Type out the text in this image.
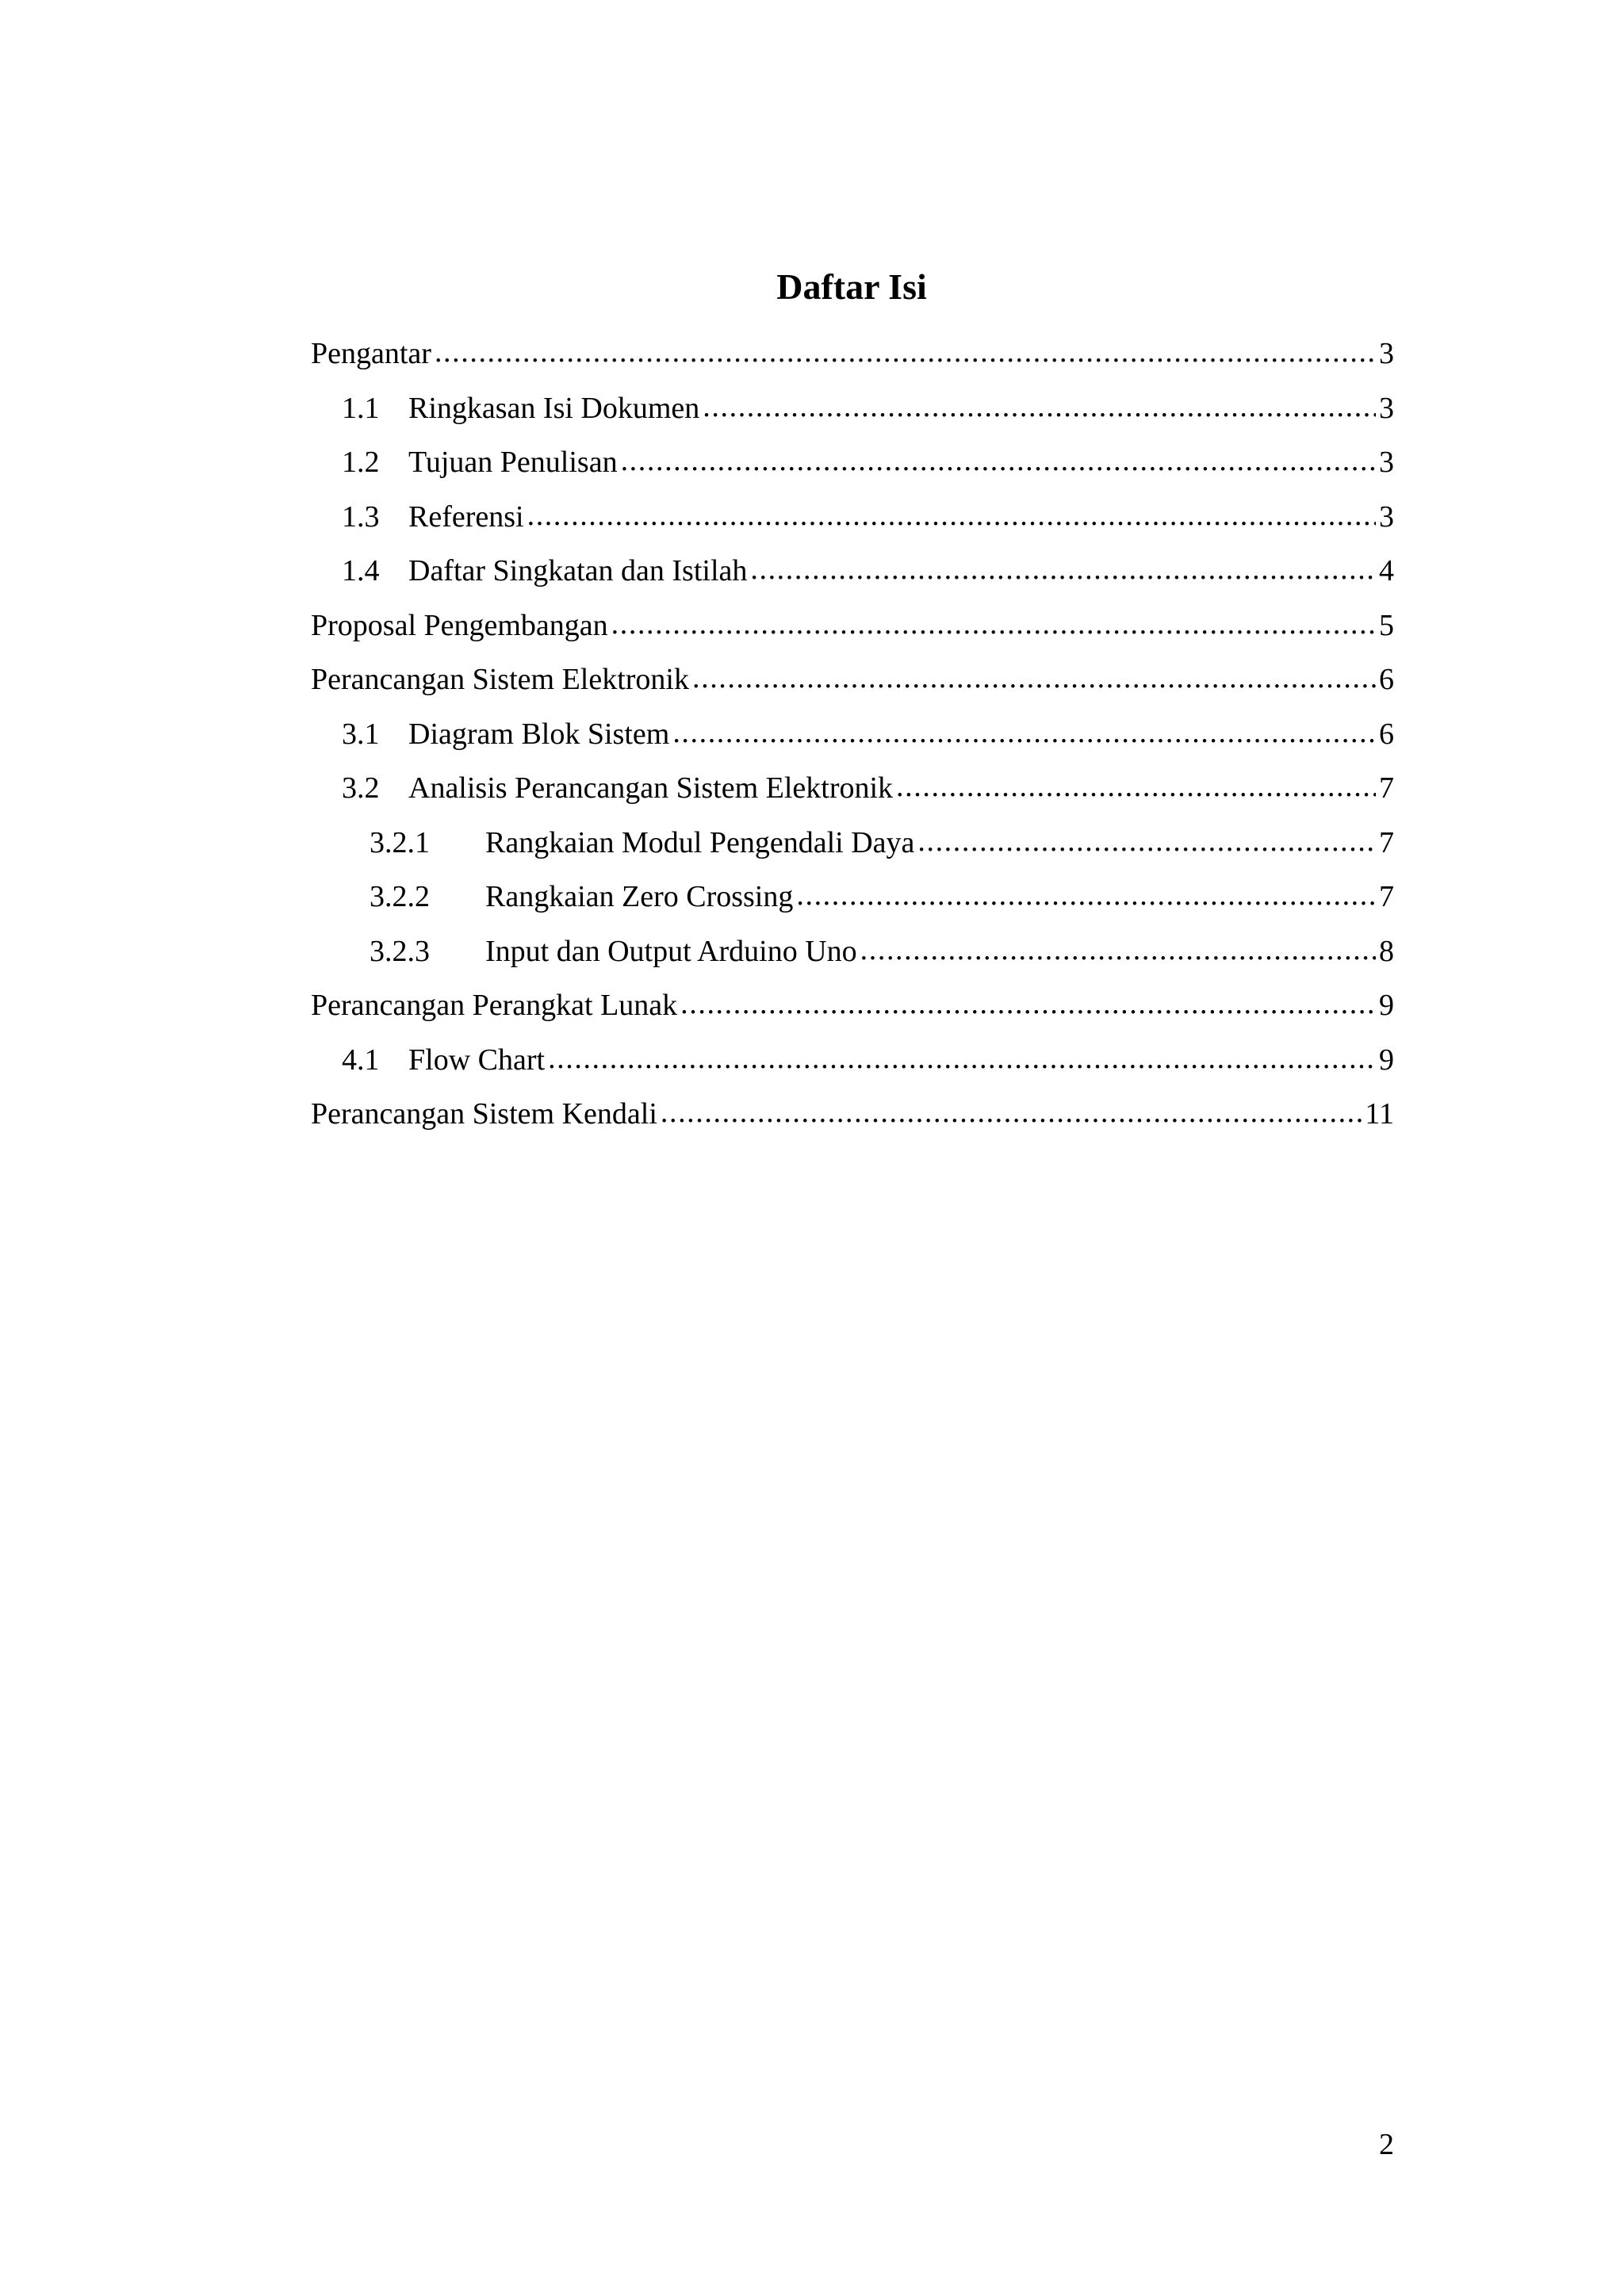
Daftar Isi
Pengantar .....	3
1.1 Ringkasan Isi Dokumen .....	3
1.2 Tujuan Penulisan .....	3
1.3 Referensi .....	3
1.4 Daftar Singkatan dan Istilah .....	4
Proposal Pengembangan .....	5
Perancangan Sistem Elektronik .....	6
3.1 Diagram Blok Sistem .....	6
3.2 Analisis Perancangan Sistem Elektronik .....	7
3.2.1	Rangkaian Modul Pengendali Daya .....	7
3.2.2	Rangkaian Zero Crossing .....	7
3.2.3	Input dan Output Arduino Uno .....	8
Perancangan Perangkat Lunak .....	9
4.1 Flow Chart .....	9
Perancangan Sistem Kendali .....	11

2
